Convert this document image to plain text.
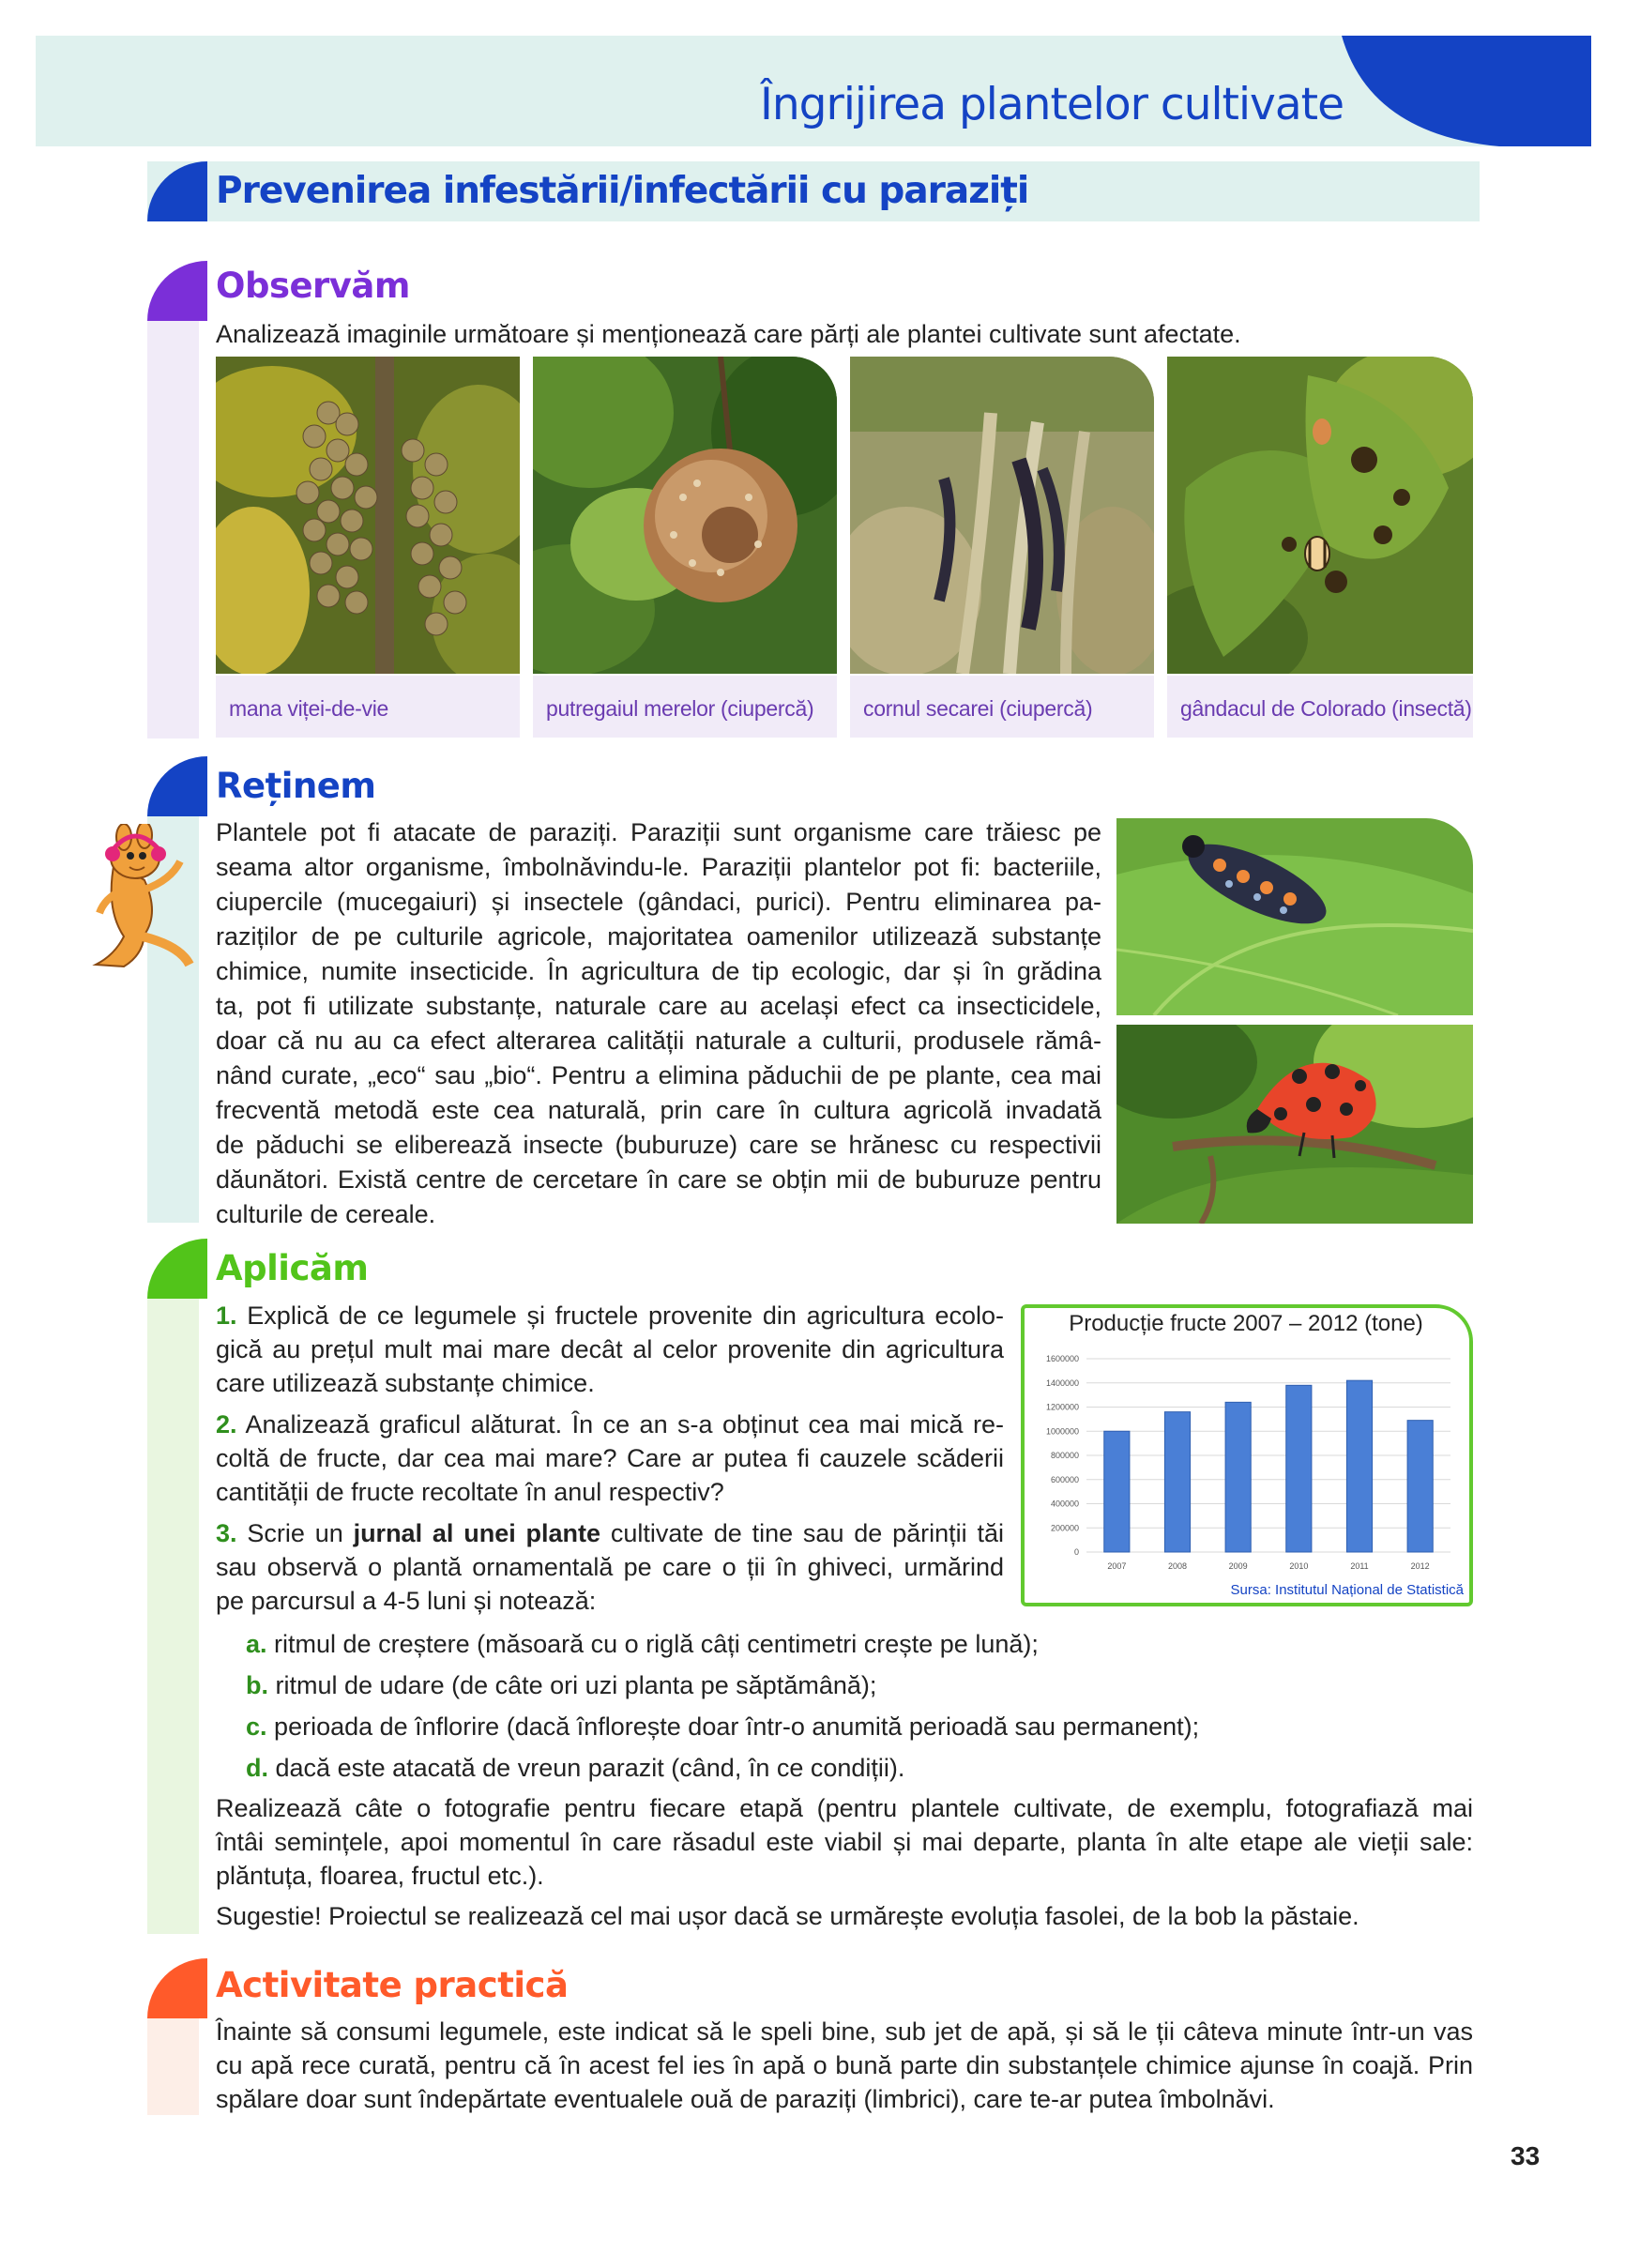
Îngrijirea plantelor cultivate
Prevenirea infestării/infectării cu paraziți
Observăm
Analizează imaginile următoare și menționează care părți ale plantei cultivate sunt afectate.
mana viței-de-vie	putregaiul merelor (ciupercă)	cornul secarei (ciupercă)	gândacul de Colorado (insectă)
Reținem
Plantele pot fi atacate de paraziți. Paraziții sunt organisme care trăiesc pe
seama altor organisme, îmbolnăvindu-le. Paraziții plantelor pot fi: bacteriile,
ciupercile (mucegaiuri) și insectele (gândaci, purici). Pentru eliminarea pa-
raziților de pe culturile agricole, majoritatea oamenilor utilizează substanțe
chimice, numite insecticide. În agricultura de tip ecologic, dar și în grădina
ta, pot fi utilizate substanțe, naturale care au același efect ca insecticidele,
doar că nu au ca efect alterarea calității naturale a culturii, produsele rămâ-
nând curate, „eco“ sau „bio“. Pentru a elimina păduchii de pe plante, cea mai
frecventă metodă este cea naturală, prin care în cultura agricolă invadată
de păduchi se eliberează insecte (buburuze) care se hrănesc cu respectivii
dăunători. Există centre de cercetare în care se obțin mii de buburuze pentru
culturile de cereale.
Aplicăm
1. Explică de ce legumele și fructele provenite din agricultura ecolo-
gică au prețul mult mai mare decât al celor provenite din agricultura
care utilizează substanțe chimice.
2. Analizează graficul alăturat. În ce an s-a obținut cea mai mică re-
coltă de fructe, dar cea mai mare? Care ar putea fi cauzele scăderii
cantității de fructe recoltate în anul respectiv?
3. Scrie un jurnal al unei plante cultivate de tine sau de părinții tăi
sau observă o plantă ornamentală pe care o ții în ghiveci, urmărind
pe parcursul a 4-5 luni și notează:
a. ritmul de creștere (măsoară cu o riglă câți centimetri crește pe lună);
b. ritmul de udare (de câte ori uzi planta pe săptămână);
c. perioada de înflorire (dacă înflorește doar într-o anumită perioadă sau permanent);
d. dacă este atacată de vreun parazit (când, în ce condiții).
Realizează câte o fotografie pentru fiecare etapă (pentru plantele cultivate, de exemplu, fotografiază mai
întâi semințele, apoi momentul în care răsadul este viabil și mai departe, planta în alte etape ale vieții sale:
plăntuța, floarea, fructul etc.).
Sugestie! Proiectul se realizează cel mai ușor dacă se urmărește evoluția fasolei, de la bob la păstaie.
Producție fructe 2007 – 2012 (tone)
1600000
1400000
1200000
1000000
800000
600000
400000
200000
0
2007	2008	2009	2010	2011	2012
Sursa: Institutul Național de Statistică
Activitate practică
Înainte să consumi legumele, este indicat să le speli bine, sub jet de apă, și să le ții câteva minute într-un vas
cu apă rece curată, pentru că în acest fel ies în apă o bună parte din substanțele chimice ajunse în coajă. Prin
spălare doar sunt îndepărtate eventualele ouă de paraziți (limbrici), care te-ar putea îmbolnăvi.
33
